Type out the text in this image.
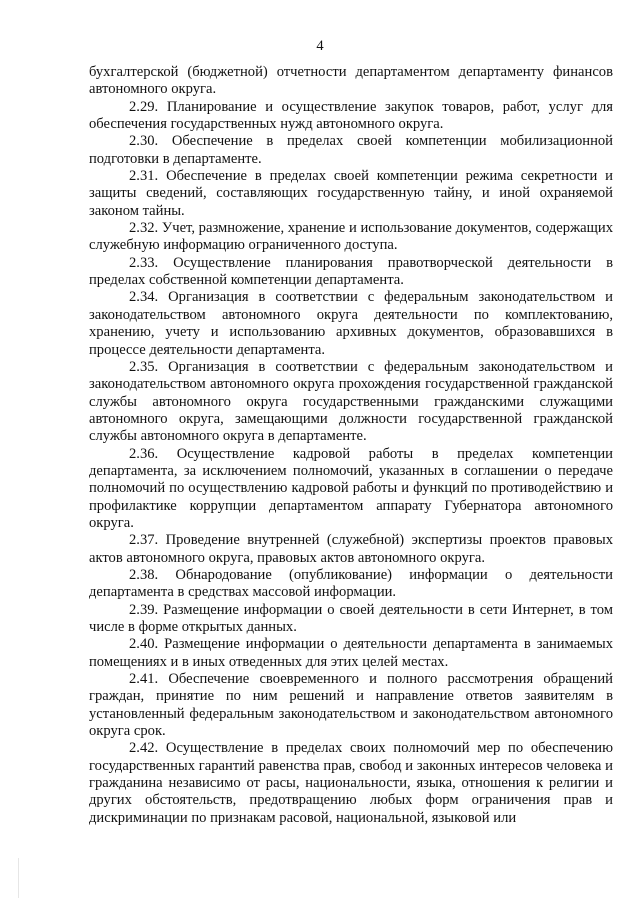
4

бухгалтерской (бюджетной) отчетности департаментом департаменту финансов автономного округа.

2.29. Планирование и осуществление закупок товаров, работ, услуг для обеспечения государственных нужд автономного округа.

2.30. Обеспечение в пределах своей компетенции мобилизационной подготовки в департаменте.

2.31. Обеспечение в пределах своей компетенции режима секретности и защиты сведений, составляющих государственную тайну, и иной охраняемой законом тайны.

2.32. Учет, размножение, хранение и использование документов, содержащих служебную информацию ограниченного доступа.

2.33. Осуществление планирования правотворческой деятельности в пределах собственной компетенции департамента.

2.34. Организация в соответствии с федеральным законодательством и законодательством автономного округа деятельности по комплектованию, хранению, учету и использованию архивных документов, образовавшихся в процессе деятельности департамента.

2.35. Организация в соответствии с федеральным законодательством и законодательством автономного округа прохождения государственной гражданской службы автономного округа государственными гражданскими служащими автономного округа, замещающими должности государственной гражданской службы автономного округа в департаменте.

2.36. Осуществление кадровой работы в пределах компетенции департамента, за исключением полномочий, указанных в соглашении о передаче полномочий по осуществлению кадровой работы и функций по противодействию и профилактике коррупции департаментом аппарату Губернатора автономного округа.

2.37. Проведение внутренней (служебной) экспертизы проектов правовых актов автономного округа, правовых актов автономного округа.

2.38. Обнародование (опубликование) информации о деятельности департамента в средствах массовой информации.

2.39. Размещение информации о своей деятельности в сети Интернет, в том числе в форме открытых данных.

2.40. Размещение информации о деятельности департамента в занимаемых помещениях и в иных отведенных для этих целей местах.

2.41. Обеспечение своевременного и полного рассмотрения обращений граждан, принятие по ним решений и направление ответов заявителям в установленный федеральным законодательством и законодательством автономного округа срок.

2.42. Осуществление в пределах своих полномочий мер по обеспечению государственных гарантий равенства прав, свобод и законных интересов человека и гражданина независимо от расы, национальности, языка, отношения к религии и других обстоятельств, предотвращению любых форм ограничения прав и дискриминации по признакам расовой, национальной, языковой или
